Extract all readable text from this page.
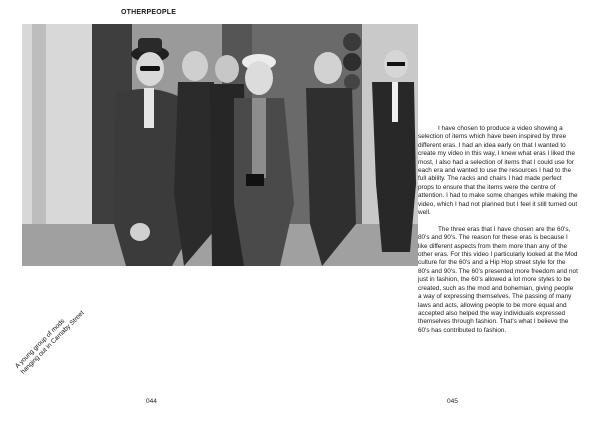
OTHERPEOPLE
A young group of mods hanging out in Carnaby Street

I have chosen to produce a video showing a selection of items which have been inspired by three different eras. I had an idea early on that I wanted to create my video in this way, I knew what eras I liked the most, I also had a selection of items that I could use for each era and wanted to use the resources I had to the full ability. The racks and chairs I had made perfect props to ensure that the items were the centre of attention. I had to make some changes while making the video, which I had not planned but I feel it still turned out well.

The three eras that I have chosen are the 60's, 80's and 90's. The reason for these eras is because I like different aspects from them more than any of the other eras. For this video I particularly looked at the Mod culture for the 60's and a Hip Hop street style for the 80's and 90's. The 60's presented more freedom and not just in fashion, the 60's allowed a lot more styles to be created, such as the mod and bohemian, giving people a way of expressing themselves. The passing of many laws and acts, allowing people to be more equal and accepted also helped the way individuals expressed themselves through fashion. That's what I believe the 60's has contributed to fashion.

044	045
